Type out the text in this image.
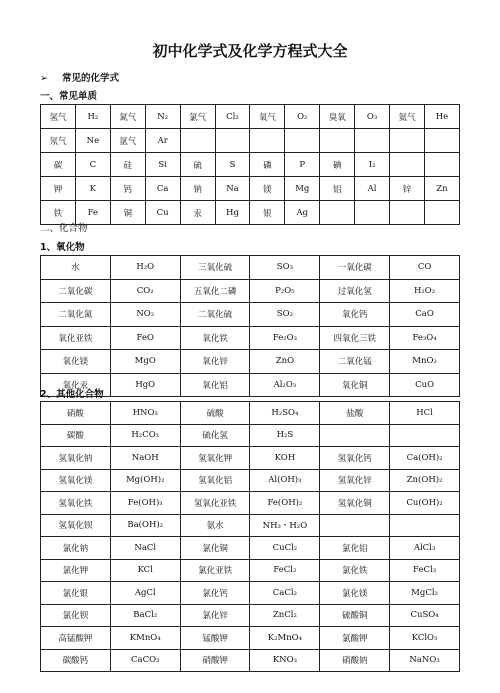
初中化学式及化学方程式大全
➢ 常见的化学式
一、常见单质
氢气	H₂	氮气	N₂	氯气	Cl₂	氧气	O₂	臭氧	O₃	氦气	He
氖气	Ne	氩气	Ar								
碳	C	硅	Si	硫	S	磷	P	碘	I₂		
钾	K	钙	Ca	钠	Na	镁	Mg	铝	Al	锌	Zn
铁	Fe	铜	Cu	汞	Hg	银	Ag				
二、化合物
1、氧化物
水	H₂O	三氧化硫	SO₃	一氧化碳	CO
二氧化碳	CO₂	五氧化二磷	P₂O₅	过氧化氢	H₂O₂
二氧化氮	NO₂	二氧化硫	SO₂	氧化钙	CaO
氧化亚铁	FeO	氧化铁	Fe₂O₃	四氧化三铁	Fe₃O₄
氧化镁	MgO	氧化锌	ZnO	二氧化锰	MnO₂
氧化汞	HgO	氧化铝	Al₂O₃	氧化铜	CuO
2、其他化合物
硝酸	HNO₃	硫酸	H₂SO₄	盐酸	HCl
碳酸	H₂CO₃	硫化氢	H₂S		
氢氧化钠	NaOH	氢氧化钾	KOH	氢氧化钙	Ca(OH)₂
氢氧化镁	Mg(OH)₂	氢氧化铝	Al(OH)₃	氢氧化锌	Zn(OH)₂
氢氧化铁	Fe(OH)₃	氢氧化亚铁	Fe(OH)₂	氢氧化铜	Cu(OH)₂
氢氧化钡	Ba(OH)₂	氨水	NH₃・H₂O		
氯化钠	NaCl	氯化铜	CuCl₂	氯化铝	AlCl₃
氯化钾	KCl	氯化亚铁	FeCl₂	氯化铁	FeCl₃
氯化银	AgCl	氯化钙	CaCl₂	氯化镁	MgCl₂
氯化钡	BaCl₂	氯化锌	ZnCl₂	硫酸铜	CuSO₄
高锰酸钾	KMnO₄	锰酸钾	K₂MnO₄	氯酸钾	KClO₃
碳酸钙	CaCO₃	硝酸钾	KNO₃	硝酸钠	NaNO₃
